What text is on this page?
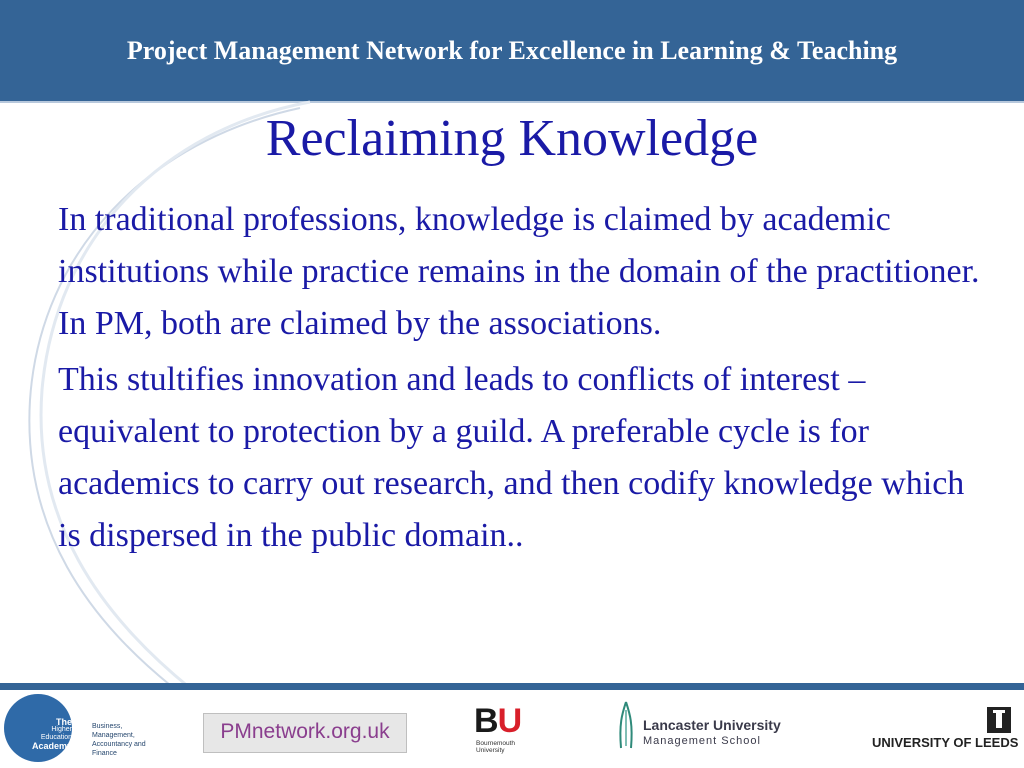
Project Management Network for Excellence in Learning & Teaching
Reclaiming Knowledge

In traditional professions, knowledge is claimed by academic institutions while practice remains in the domain of the practitioner. In PM, both are claimed by the associations.

This stultifies innovation and leads to conflicts of interest – equivalent to protection by a guild. A preferable cycle is for academics to carry out research, and then codify knowledge which is dispersed in the public domain..

The
Higher
Education
Academy
Business,
Management,
Accountancy and
Finance
PMnetwork.org.uk	BU
Bournemouth
University
Lancaster University
Management School	UNIVERSITY OF LEEDS
